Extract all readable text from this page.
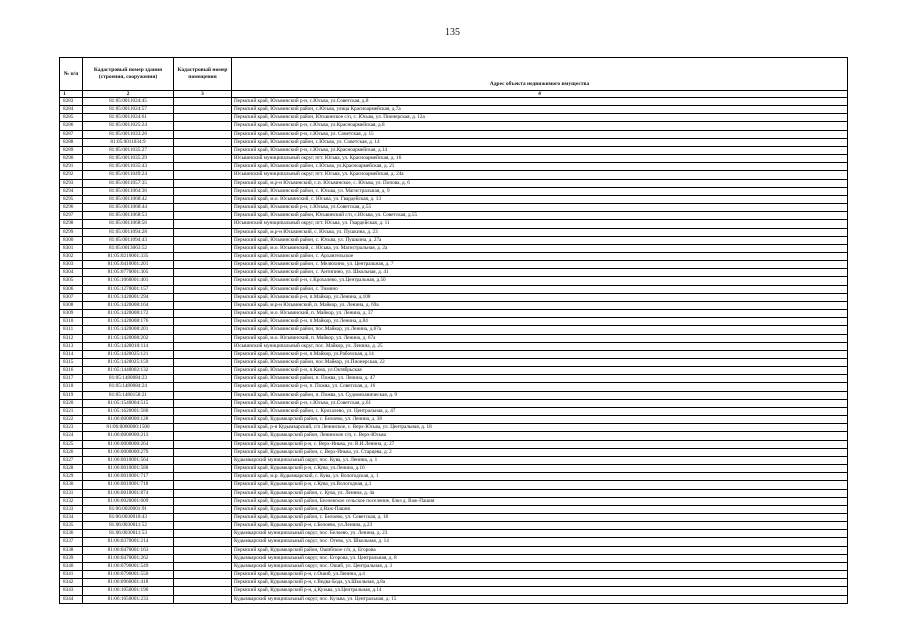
135
№ п/п	Кадастровый номер здания (строения, сооружения)	Кадастровый номер помещения	Адрес объекта недвижимого имущества
1	2	3	4
8283	81:05:0011024:45		Пермский край, Юсьвинский р-н, с.Юсьва, ул.Советская, д.8
8284	81:05:0011024:57		Пермский край, Юсьвинский район, с.Юсьва, улица Красноармейская, д.7а
8285	81:05:0011024:61		Пермский край, Юсьвинский район, Юсьвинское с/п, с. Юсьва, ул. Пионерская, д. 12а
8286	81:05:0011025:24		Пермский край, Юсьвинский р-н, с.Юсьва, ул.Красноармейская, д.8
8287	81:05:0011033:26		Пермский край, Юсьвинский р-н, с.Юсьва, ул. Советская, д. 15
8288	81:05:0011034:9		Пермский край, Юсьвинский район, с.Юсьва, ул. Советская, д. 14
8289	81:05:0011035:27		Пермский край, Юсьвинский р-н, с.Юсьва, ул.Красноармейская, д.14
8290	81:05:0011035:29		Юсьвинский муниципальный округ, пгт. Юсьва, ул. Красноармейская, д. 16
8291	81:05:0011035:43		Пермский край, Юсьвинский район, с.Юсьва, ул.Красноармейская, д. 21
8292	81:05:0011049:24		Юсьвинский муниципальный округ, пгт. Юсьва, ул. Красноармейская, д. 24а
8293	81:05:0011057:35		Пермский край, м.р-н Юсьвинский, с.п. Юсьвинское, с. Юсьва, ул. Попова, д. 6
8294	81:05:0011064:36		Пермский край, Юсьвинский район, с. Юсьва, ул. Магистральная, д. 9
8295	81:05:0011068:42		Пермский край, м.о. Юсьвинский, с. Юсьва, ул. Гвардейская, д. 13
8296	81:05:0011068:44		Пермский край, Юсьвинский р-н, с.Юсьва, ул.Советская, д.55
8297	81:05:0011068:53		Пермский край, Юсьвинский район, Юсьвинский с/п, с.Юсьва, ул. Советская, д.55
8298	81:05:0011068:56		Юсьвинский муниципальный округ, пгт. Юсьва, ул. Гвардейская, д. 11
8299	81:05:0011094:28		Пермский край, м.р-н Юсьвинский, с. Юсьва, ул. Пушкина, д. 23
8300	81:05:0011094:43		Пермский край, Юсьвинский район, с. Юсьва, ул. Пушкина, д. 27а
8301	81:05:0013063:52		Пермский край, м.о. Юсьвинский, с. Юсьва, ул. Магистральная, д. 2а
8302	81:05:0210001:335		Пермский край, Юсьвинский район, с. Архангельское
8303	81:05:0410001:201		Пермский край, Юсьвинский район, с. Мелюхино, ул. Центральная, д. 7
8304	81:05:0770001:305		Пермский край, Юсьвинский район, с. Антипино, ул. Школьная, д. 41
8305	81:05:1060001:401		Пермский край, Юсьвинский р-н, с.Крохалево, ул.Центральная, д.50
8306	81:05:1270001:157		Пермский край, Юсьвинский район, с. Тимино
8307	81:05:1420001:294		Пермский край, Юсьвинский р-н, п.Майкор, ул.Ленина, д.108
8308	81:05:1420008:164		Пермский край, м.р-н Юсьвинский, п. Майкор, ул. Ленина, д. 69а
8309	81:05:1420008:172		Пермский край, м.о. Юсьвинский, п. Майкор, ул. Ленина, д. 37
8310	81:05:1420008:176		Пермский край, Юсьвинский р-н, п.Майкор, ул.Ленина, д.84
8311	81:05:1420008:201		Пермский край, Юсьвинский район, пос.Майкор, ул.Ленина, д.67а
8312	81:05:1420008:202		Пермский край, м.о. Юсьвинский, п. Майкор, ул. Ленина, д. 67а
8313	81:05:1420010:114		Юсьвинский муниципальный округ, пос. Майкор, ул. Ленина, д. 25
8314	81:05:1420025:121		Пермский край, Юсьвинский р-н, п.Майкор, ул.Рабочская, д.14
8315	81:05:1420025:159		Пермский край, Юсьвинский район, пос.Майкор, ул.Пионерская, 22
8316	81:05:1440002:132		Пермский край, Юсьвинский р-н, п.Кама, ул.Октябрьская
8317	81:05:1480084:23		Пермский край, Юсьвинский район, п. Пожва, ул. Ленина, д. 47
8318	81:05:1480084:24		Пермский край, Юсьвинский р-н, п. Пожва, ул. Советская, д. 16
8319	81:05:1480158:21		Пермский край, Юсьвинский район, п. Пожва, ул. Судомеханическая, д. 9
8320	81:05:1540004:515		Пермский край, Юсьвинский р-н, с.Юсьва, ул.Советская, д.61
8321	81:05:1620001:580		Пермский край, Юсьвинский район, с. Крохалево, ул. Центральная, д. 47
8322	81:06:0000000:128		Пермский край, Кудымкарский район, с. Белоево, ул. Ленина, д. 38
8323	81:06:0000000:1500		Пермский край, р-н Кудымкарский, с/п Ленинское, с. Верх-Юсьва, ул. Центральная, д. 18
8324	81:06:0000000:213		Пермский край, Кудымкарский район, Ленинское с/п, с. Верх-Юсьва
8325	81:06:0000000:264		Пермский край, Кудымкарский р-н, с. Верх-Иньва, ул. В.И.Ленина, д. 27
8326	81:06:0000000:279		Пермский край, Кудымкарский район, с. Верх-Иньва, ул. Старцева, д. 2
8327	81:06:0010001:564		Кудымкарский муниципальный округ, пос. Кува, ул. Ленина, д. 1
8328	81:06:0010001:588		Пермский край, Кудымкарский р-н, с.Кува, ул.Ленина, д.16
8329	81:06:0010001:717		Пермский край, м.р. Кудымкарский, с. Кува, ул. Вологодская, д. 1
8330	81:06:0010001:718		Пермский край, Кудымкарский р-н, с.Кува, ул.Вологодная, д.1
8331	81:06:0010001:874		Пермский край, Кудымкарский район, с. Кува, ул. Ленина, д. 4а
8332	81:06:0020001:609		Пермский край, Кудымкарский район, Белоевское сельское поселение, близ д. Важ-Пашня
8333	81:06:0020001:91		Пермский край, Кудымкарский район, д.Важ-Пашня
8334	81:06:0030010:43		Пермский край, Кудымкарский район, с. Белоево, ул. Советская, д. 18
8335	81:06:0030011:52		Пермский край, Кудымкарский р-н, с.Белоево, ул.Ленина, д.23
8336	81:06:0030011:53		Кудымкарский муниципальный округ, пос. Белоево, ул. Ленина, д. 23
8337	81:06:0370001:214		Кудымкарский муниципальный округ, пос. Отево, ул. Школьная, д. 14
8338	81:06:0470001:163		Пермский край, Кудымкарский район, Ошибское с/п, д. Егорова
8339	81:06:0470001:262		Кудымкарский муниципальный округ, пос. Егорова, ул. Центральная, д. 8
8340	81:06:0790001:549		Кудымкарский муниципальный округ, пос. Ошиб, ул. Центральная, д. 3
8341	81:06:0790001:550		Пермский край, Кудымкарский р-н, с.Ошиб, ул.Ленина, д.4
8342	81:06:0960001:418		Пермский край, Кудымкарский р-н, с.Ведва-Бода, ул.Школьная, д.8а
8343	81:06:1050001:190		Пермский край, Кудымкарский р-н, д.Кузьва, ул.Центральная, д.14
8344	81:06:1050001:233		Кудымкарский муниципальный округ, пос. Кузьва, ул. Центральная, д. 15
